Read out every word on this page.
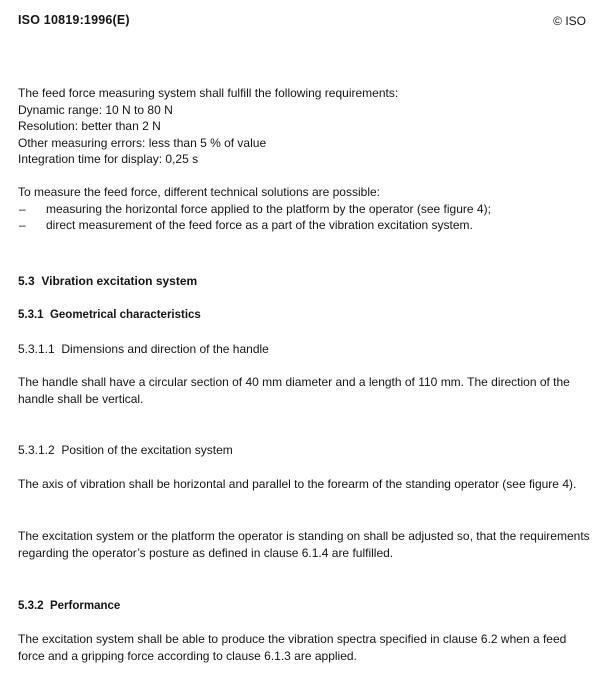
ISO 10819:1996(E)	© ISO
The feed force measuring system shall fulfill the following requirements:
Dynamic range: 10 N to 80 N
Resolution: better than 2 N
Other measuring errors: less than 5 % of value
Integration time for display: 0,25 s
To measure the feed force, different technical solutions are possible:
– measuring the horizontal force applied to the platform by the operator (see figure 4);
– direct measurement of the feed force as a part of the vibration excitation system.
5.3 Vibration excitation system
5.3.1 Geometrical characteristics
5.3.1.1 Dimensions and direction of the handle
The handle shall have a circular section of 40 mm diameter and a length of 110 mm. The direction of the handle shall be vertical.
5.3.1.2 Position of the excitation system
The axis of vibration shall be horizontal and parallel to the forearm of the standing operator (see figure 4).
The excitation system or the platform the operator is standing on shall be adjusted so, that the requirements regarding the operator’s posture as defined in clause 6.1.4 are fulfilled.
5.3.2 Performance
The excitation system shall be able to produce the vibration spectra specified in clause 6.2 when a feed force and a gripping force according to clause 6.1.3 are applied.
